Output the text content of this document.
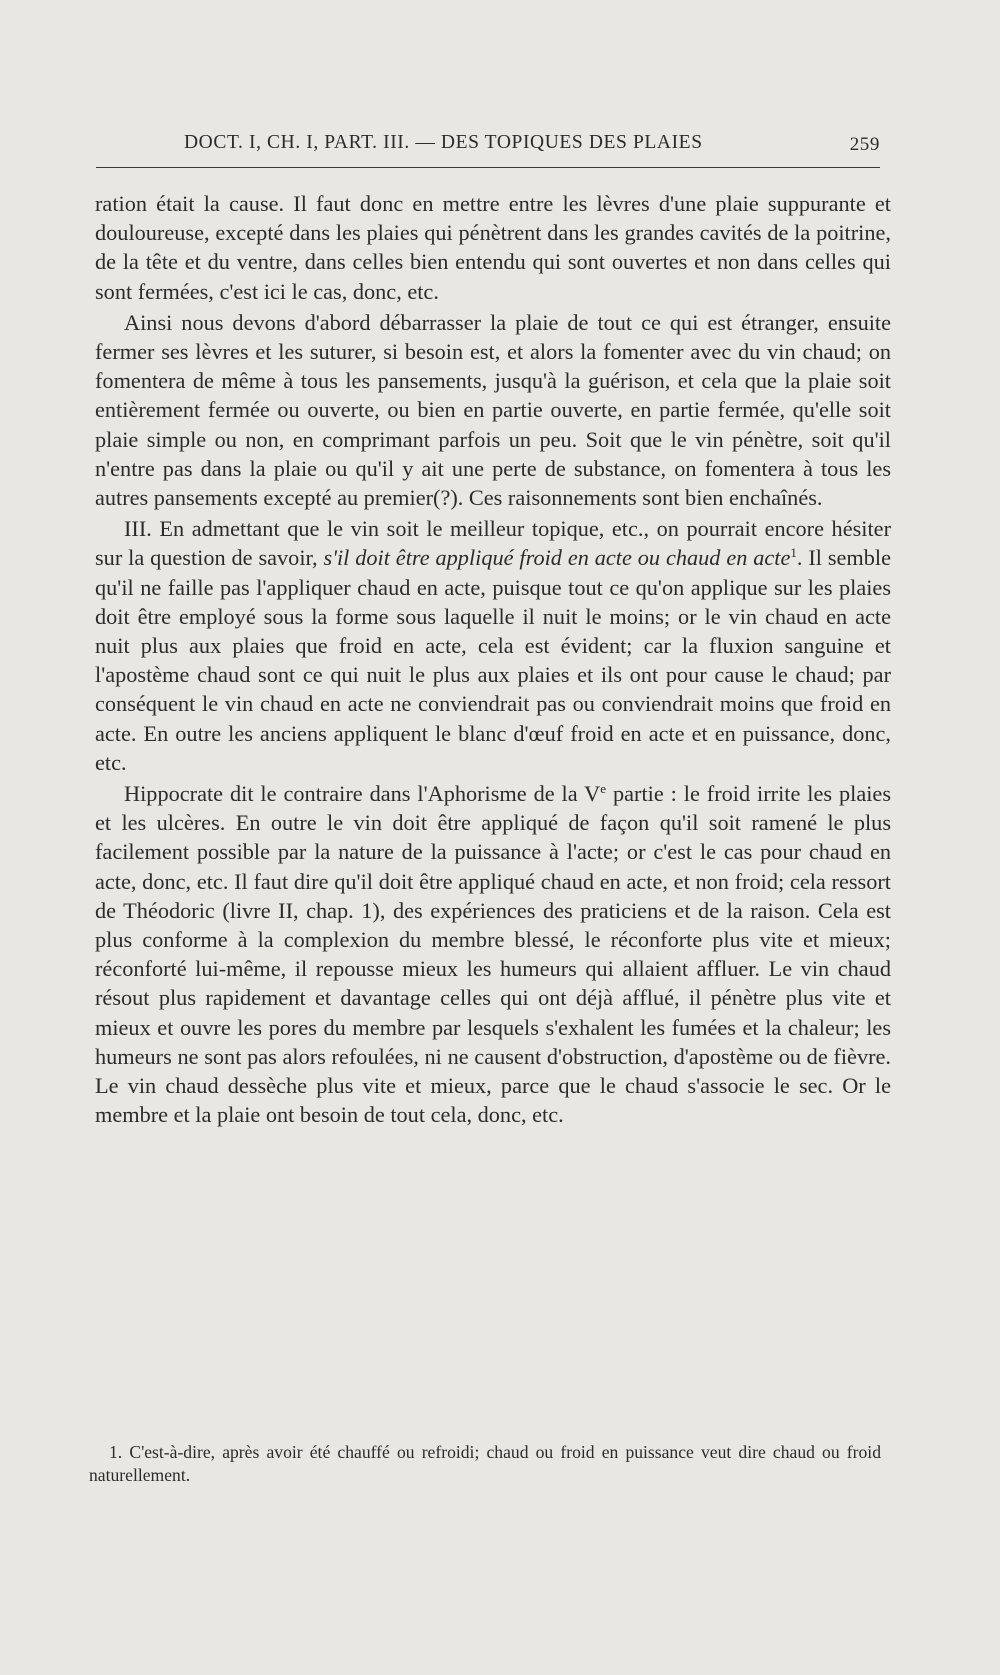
DOCT. I, CH. I, PART. III. — DES TOPIQUES DES PLAIES	259

ration était la cause. Il faut donc en mettre entre les lèvres d'une plaie suppurante et douloureuse, excepté dans les plaies qui pénètrent dans les grandes cavités de la poitrine, de la tête et du ventre, dans celles bien entendu qui sont ouvertes et non dans celles qui sont fermées, c'est ici le cas, donc, etc.

Ainsi nous devons d'abord débarrasser la plaie de tout ce qui est étranger, ensuite fermer ses lèvres et les suturer, si besoin est, et alors la fomenter avec du vin chaud; on fomentera de même à tous les pansements, jusqu'à la guérison, et cela que la plaie soit entièrement fermée ou ouverte, ou bien en partie ouverte, en partie fermée, qu'elle soit plaie simple ou non, en comprimant parfois un peu. Soit que le vin pénètre, soit qu'il n'entre pas dans la plaie ou qu'il y ait une perte de substance, on fomentera à tous les autres pansements excepté au premier(?). Ces raisonnements sont bien enchaînés.

III. En admettant que le vin soit le meilleur topique, etc., on pourrait encore hésiter sur la question de savoir, s'il doit être appliqué froid en acte ou chaud en acte$^1$. Il semble qu'il ne faille pas l'appliquer chaud en acte, puisque tout ce qu'on applique sur les plaies doit être employé sous la forme sous laquelle il nuit le moins; or le vin chaud en acte nuit plus aux plaies que froid en acte, cela est évident; car la fluxion sanguine et l'apostème chaud sont ce qui nuit le plus aux plaies et ils ont pour cause le chaud; par conséquent le vin chaud en acte ne conviendrait pas ou conviendrait moins que froid en acte. En outre les anciens appliquent le blanc d'œuf froid en acte et en puissance, donc, etc.

Hippocrate dit le contraire dans l'Aphorisme de la Ve partie : le froid irrite les plaies et les ulcères. En outre le vin doit être appliqué de façon qu'il soit ramené le plus facilement possible par la nature de la puissance à l'acte; or c'est le cas pour chaud en acte, donc, etc. Il faut dire qu'il doit être appliqué chaud en acte, et non froid; cela ressort de Théodoric (livre II, chap. 1), des expériences des praticiens et de la raison. Cela est plus conforme à la complexion du membre blessé, le réconforte plus vite et mieux; réconforté lui-même, il repousse mieux les humeurs qui allaient affluer. Le vin chaud résout plus rapidement et davantage celles qui ont déjà afflué, il pénètre plus vite et mieux et ouvre les pores du membre par lesquels s'exhalent les fumées et la chaleur; les humeurs ne sont pas alors refoulées, ni ne causent d'obstruction, d'apostème ou de fièvre. Le vin chaud dessèche plus vite et mieux, parce que le chaud s'associe le sec. Or le membre et la plaie ont besoin de tout cela, donc, etc.

1. C'est-à-dire, après avoir été chauffé ou refroidi; chaud ou froid en puissance veut dire chaud ou froid naturellement.
